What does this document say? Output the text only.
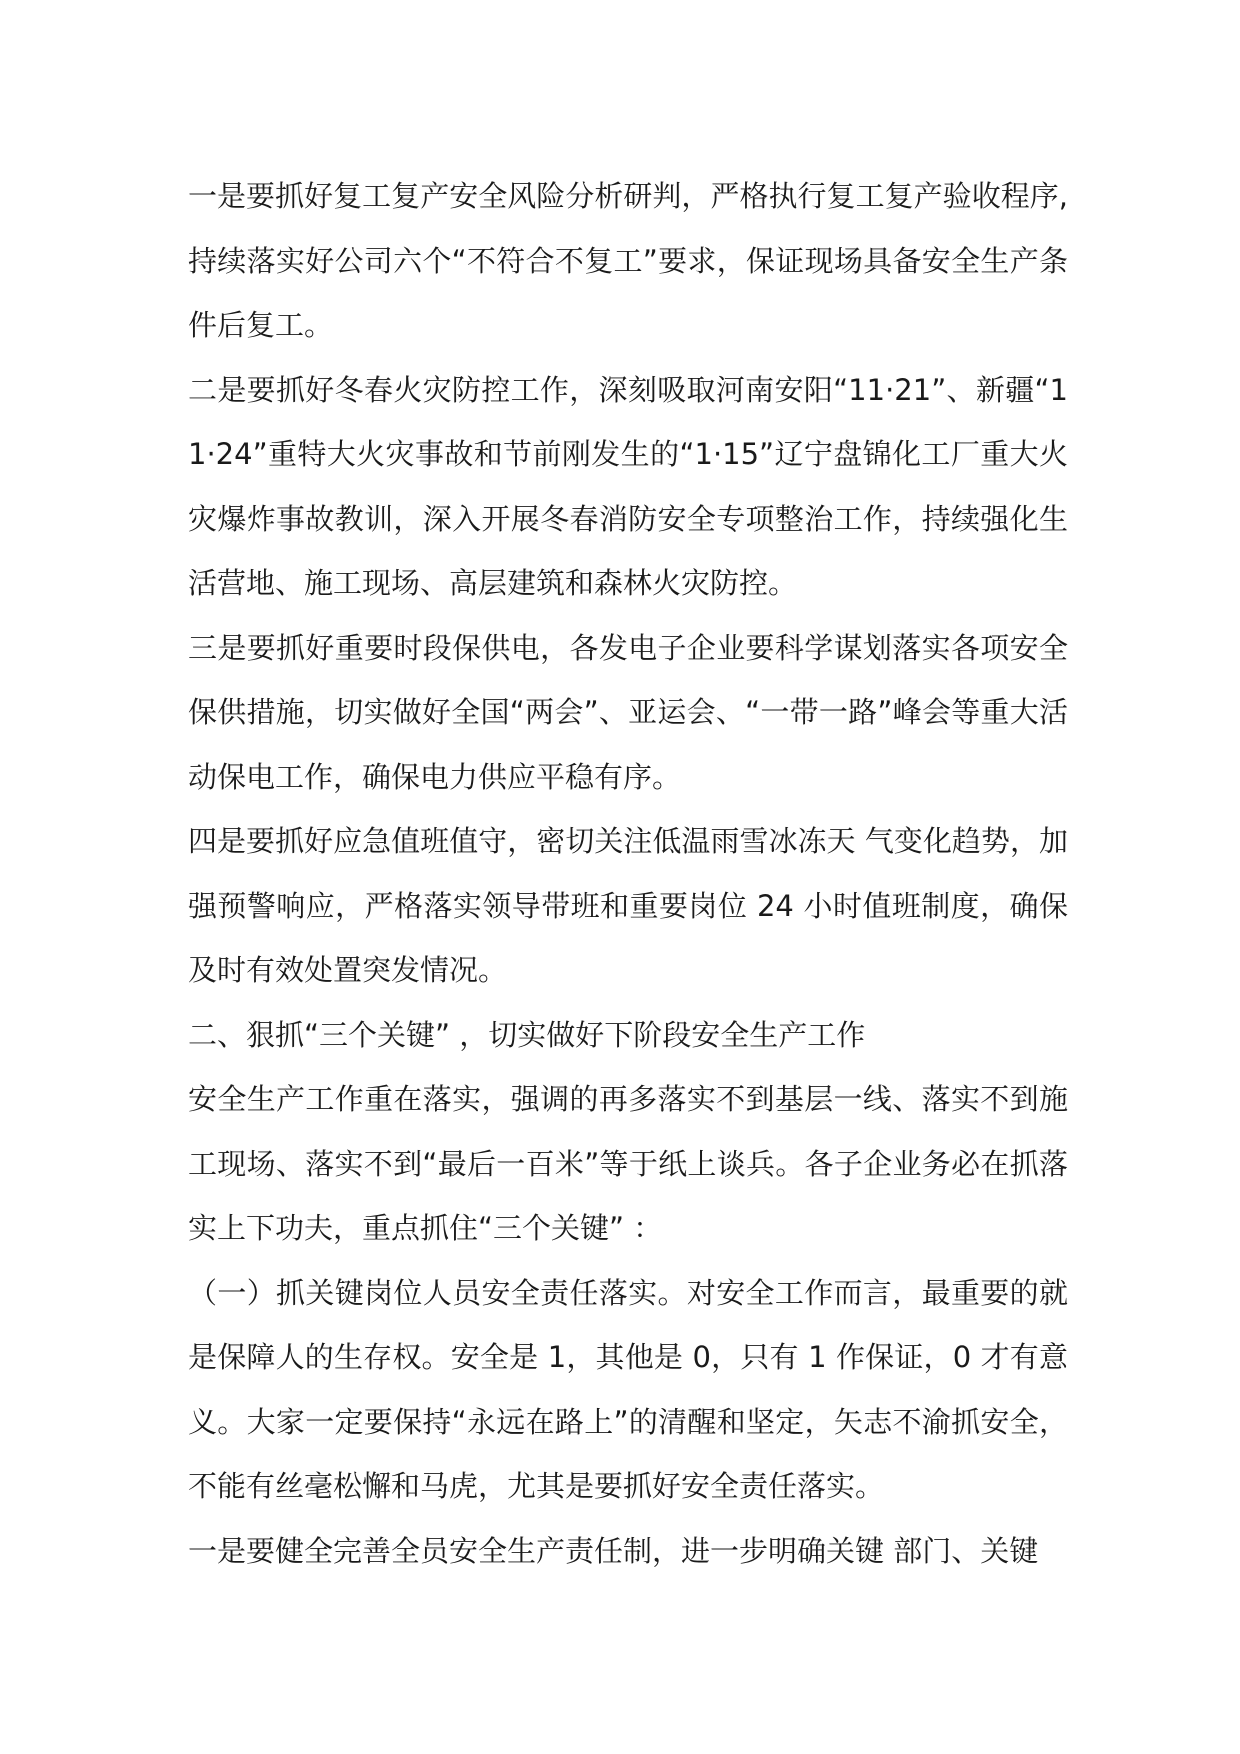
一是要抓好复工复产安全风险分析研判，严格执行复工复产验收程序,持续落实好公司六个“不符合不复工”要求，保证现场具备安全生产条件后复工。

二是要抓好冬春火灾防控工作，深刻吸取河南安阳“11·21”、新疆“11·24”重特大火灾事故和节前刚发生的“1·15”辽宁盘锦化工厂重大火灾爆炸事故教训，深入开展冬春消防安全专项整治工作，持续强化生活营地、施工现场、高层建筑和森林火灾防控。

三是要抓好重要时段保供电，各发电子企业要科学谋划落实各项安全保供措施，切实做好全国“两会”、亚运会、“一带一路”峰会等重大活动保电工作，确保电力供应平稳有序。

四是要抓好应急值班值守，密切关注低温雨雪冰冻天 气变化趋势，加强预警响应，严格落实领导带班和重要岗位 24 小时值班制度，确保及时有效处置突发情况。

二、狠抓“三个关键” ，切实做好下阶段安全生产工作

安全生产工作重在落实，强调的再多落实不到基层一线、落实不到施工现场、落实不到“最后一百米”等于纸上谈兵。各子企业务必在抓落实上下功夫，重点抓住“三个关键” ：

（一）抓关键岗位人员安全责任落实。对安全工作而言，最重要的就是保障人的生存权。安全是 1，其他是 0，只有 1 作保证，0 才有意义。大家一定要保持“永远在路上”的清醒和坚定，矢志不渝抓安全，不能有丝毫松懈和马虎，尤其是要抓好安全责任落实。

一是要健全完善全员安全生产责任制，进一步明确关键 部门、关键
